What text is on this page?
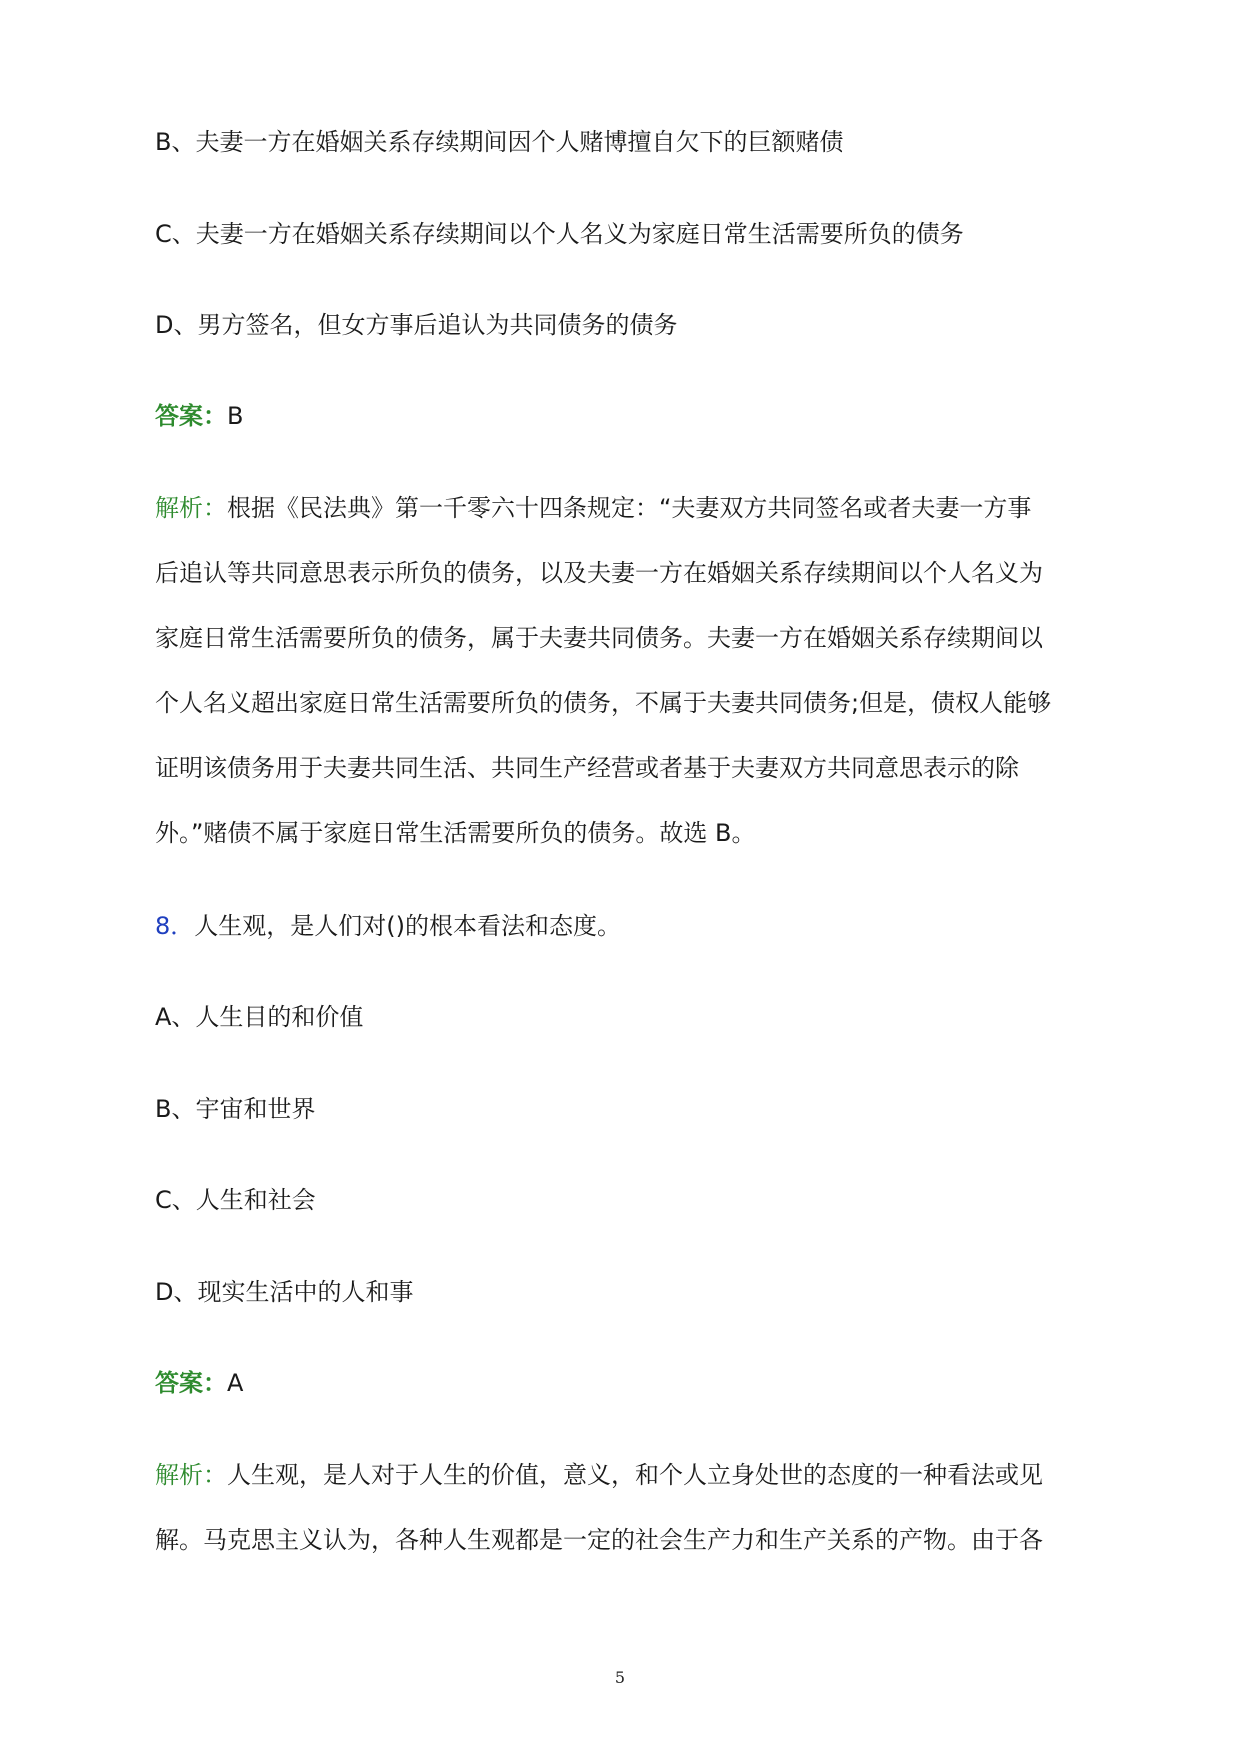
B、夫妻一方在婚姻关系存续期间因个人赌博擅自欠下的巨额赌债
C、夫妻一方在婚姻关系存续期间以个人名义为家庭日常生活需要所负的债务
D、男方签名，但女方事后追认为共同债务的债务
答案：B
解析：根据《民法典》第一千零六十四条规定：“夫妻双方共同签名或者夫妻一方事
后追认等共同意思表示所负的债务，以及夫妻一方在婚姻关系存续期间以个人名义为
家庭日常生活需要所负的债务，属于夫妻共同债务。夫妻一方在婚姻关系存续期间以
个人名义超出家庭日常生活需要所负的债务，不属于夫妻共同债务;但是，债权人能够
证明该债务用于夫妻共同生活、共同生产经营或者基于夫妻双方共同意思表示的除
外。”赌债不属于家庭日常生活需要所负的债务。故选 B。
8．人生观，是人们对()的根本看法和态度。
A、人生目的和价值
B、宇宙和世界
C、人生和社会
D、现实生活中的人和事
答案：A
解析：人生观，是人对于人生的价值，意义，和个人立身处世的态度的一种看法或见
解。马克思主义认为，各种人生观都是一定的社会生产力和生产关系的产物。由于各
5
